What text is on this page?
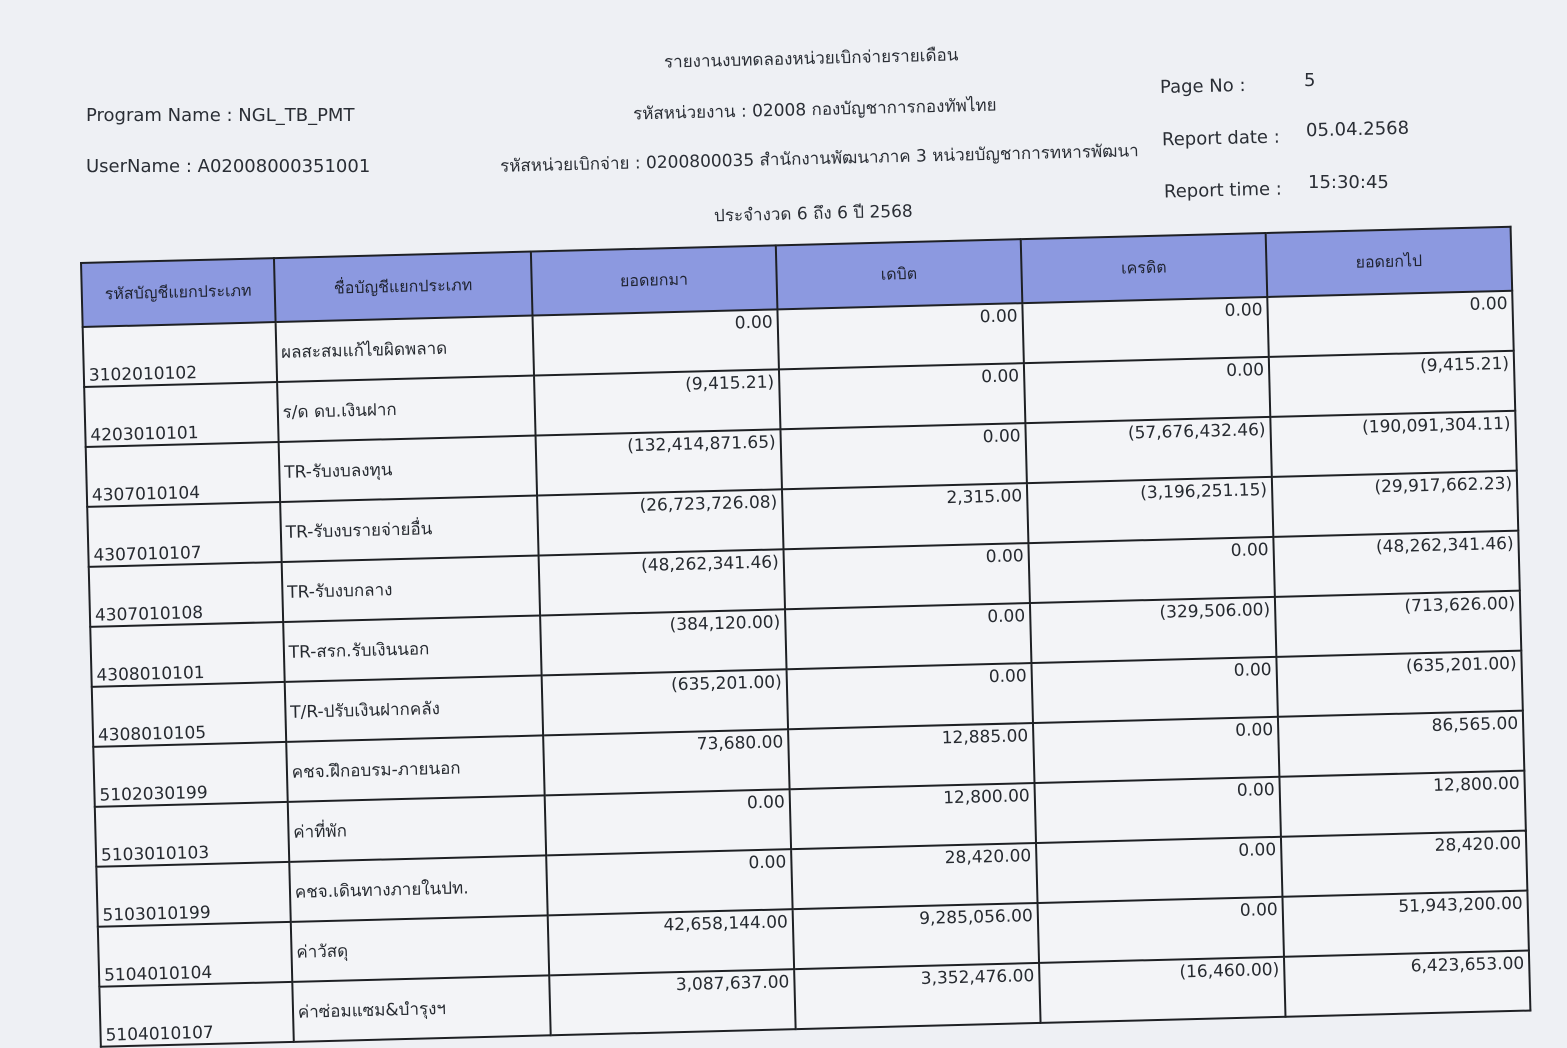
Program Name : NGL_TB_PMT
UserName : A02008000351001
รายงานงบทดลองหน่วยเบิกจ่ายรายเดือน
รหัสหน่วยงาน : 02008 กองบัญชาการกองทัพไทย
รหัสหน่วยเบิกจ่าย : 0200800035 สำนักงานพัฒนาภาค 3 หน่วยบัญชาการทหารพัฒนา
ประจำงวด 6 ถึง 6 ปี 2568
Page No :	5
Report date : 05.04.2568
Report time : 15:30:45
รหัสบัญชีแยกประเภท	ชื่อบัญชีแยกประเภท	ยอดยกมา	เดบิต	เครดิต	ยอดยกไป
3102010102	ผลสะสมแก้ไขผิดพลาด	0.00	0.00	0.00	0.00
4203010101	ร/ด ดบ.เงินฝาก	(9,415.21)	0.00	0.00	(9,415.21)
4307010104	TR-รับงบลงทุน	(132,414,871.65)	0.00	(57,676,432.46)	(190,091,304.11)
4307010107	TR-รับงบรายจ่ายอื่น	(26,723,726.08)	2,315.00	(3,196,251.15)	(29,917,662.23)
4307010108	TR-รับงบกลาง	(48,262,341.46)	0.00	0.00	(48,262,341.46)
4308010101	TR-สรก.รับเงินนอก	(384,120.00)	0.00	(329,506.00)	(713,626.00)
4308010105	T/R-ปรับเงินฝากคลัง	(635,201.00)	0.00	0.00	(635,201.00)
5102030199	คชจ.ฝึกอบรม-ภายนอก	73,680.00	12,885.00	0.00	86,565.00
5103010103	ค่าที่พัก	0.00	12,800.00	0.00	12,800.00
5103010199	คชจ.เดินทางภายในปท.	0.00	28,420.00	0.00	28,420.00
5104010104	ค่าวัสดุ	42,658,144.00	9,285,056.00	0.00	51,943,200.00
5104010107	ค่าซ่อมแซม&บำรุงฯ	3,087,637.00	3,352,476.00	(16,460.00)	6,423,653.00
